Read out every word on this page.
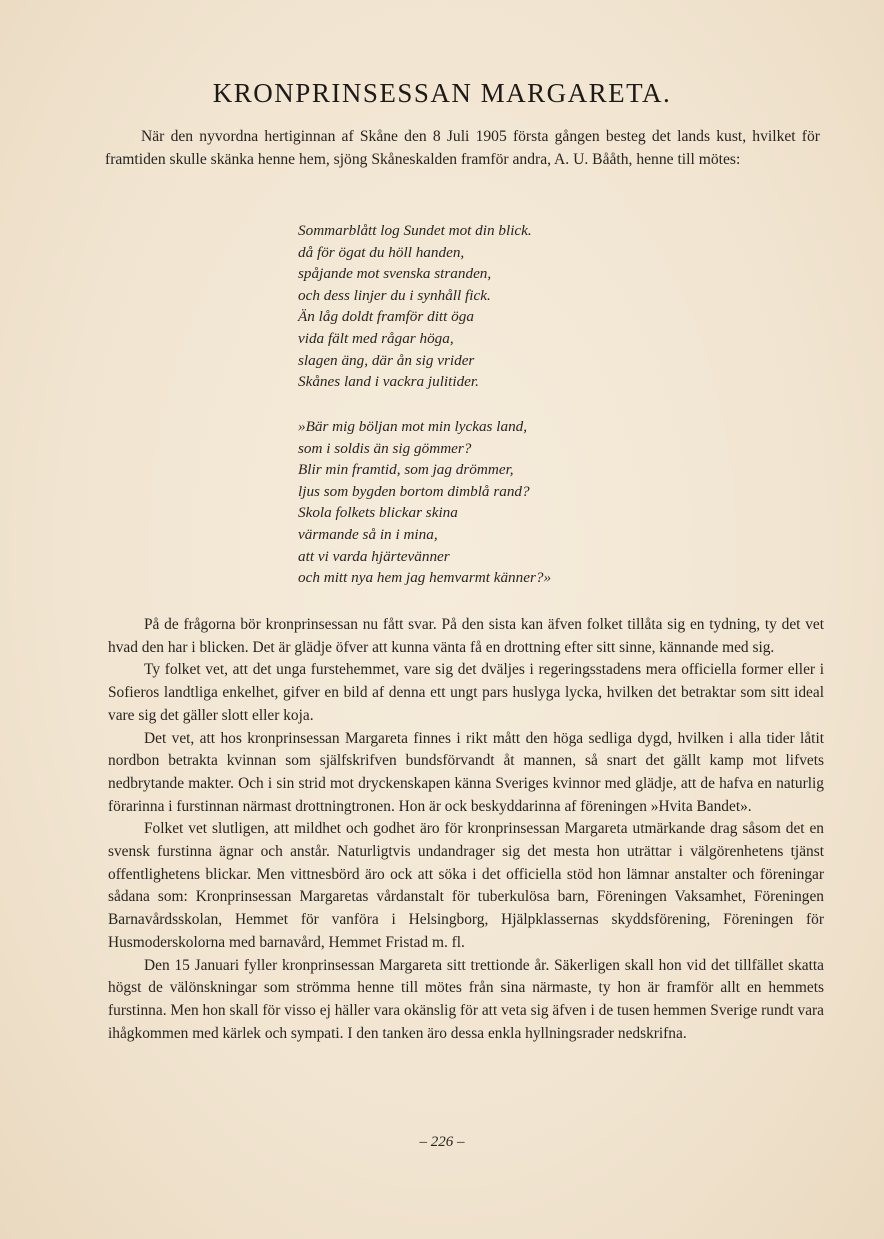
KRONPRINSESSAN MARGARETA.
När den nyvordna hertiginnan af Skåne den 8 Juli 1905 första gången besteg det lands kust, hvilket för framtiden skulle skänka henne hem, sjöng Skåneskalden framför andra, A. U. Bååth, henne till mötes:
Sommarblått log Sundet mot din blick.
då för ögat du höll handen,
spåjande mot svenska stranden,
och dess linjer du i synhåll fick.
Än låg doldt framför ditt öga
vida fält med rågar höga,
slagen äng, där ån sig vrider
Skånes land i vackra julitider.
»Bär mig böljan mot min lyckas land,
som i soldis än sig gömmer?
Blir min framtid, som jag drömmer,
ljus som bygden bortom dimblå rand?
Skola folkets blickar skina
värmande så in i mina,
att vi varda hjärtevänner
och mitt nya hem jag hemvarmt känner?»

På de frågorna bör kronprinsessan nu fått svar. På den sista kan äfven folket tillåta sig en tydning, ty det vet hvad den har i blicken. Det är glädje öfver att kunna vänta få en drottning efter sitt sinne, kännande med sig.

Ty folket vet, att det unga furstehemmet, vare sig det dväljes i regeringsstadens mera officiella former eller i Sofieros landtliga enkelhet, gifver en bild af denna ett ungt pars huslyga lycka, hvilken det betraktar som sitt ideal vare sig det gäller slott eller koja.

Det vet, att hos kronprinsessan Margareta finnes i rikt mått den höga sedliga dygd, hvilken i alla tider låtit nordbon betrakta kvinnan som själfskrifven bundsförvandt åt mannen, så snart det gällt kamp mot lifvets nedbrytande makter. Och i sin strid mot dryckenskapen känna Sveriges kvinnor med glädje, att de hafva en naturlig förarinna i furstinnan närmast drottningtronen. Hon är ock beskyddarinna af föreningen »Hvita Bandet».

Folket vet slutligen, att mildhet och godhet äro för kronprinsessan Margareta utmärkande drag såsom det en svensk furstinna ägnar och anstår. Naturligtvis undandrager sig det mesta hon uträttar i välgörenhetens tjänst offentlighetens blickar. Men vittnesbörd äro ock att söka i det officiella stöd hon lämnar anstalter och föreningar sådana som: Kronprinsessan Margaretas vårdanstalt för tuberkulösa barn, Föreningen Vaksamhet, Föreningen Barnavårdsskolan, Hemmet för vanföra i Helsingborg, Hjälpklassernas skyddsförening, Föreningen för Husmoderskolorna med barnavård, Hemmet Fristad m. fl.

Den 15 Januari fyller kronprinsessan Margareta sitt trettionde år. Säkerligen skall hon vid det tillfället skatta högst de välönskningar som strömma henne till mötes från sina närmaste, ty hon är framför allt en hemmets furstinna. Men hon skall för visso ej häller vara okänslig för att veta sig äfven i de tusen hemmen Sverige rundt vara ihågkommen med kärlek och sympati. I den tanken äro dessa enkla hyllningsrader nedskrifna.

– 226 –
